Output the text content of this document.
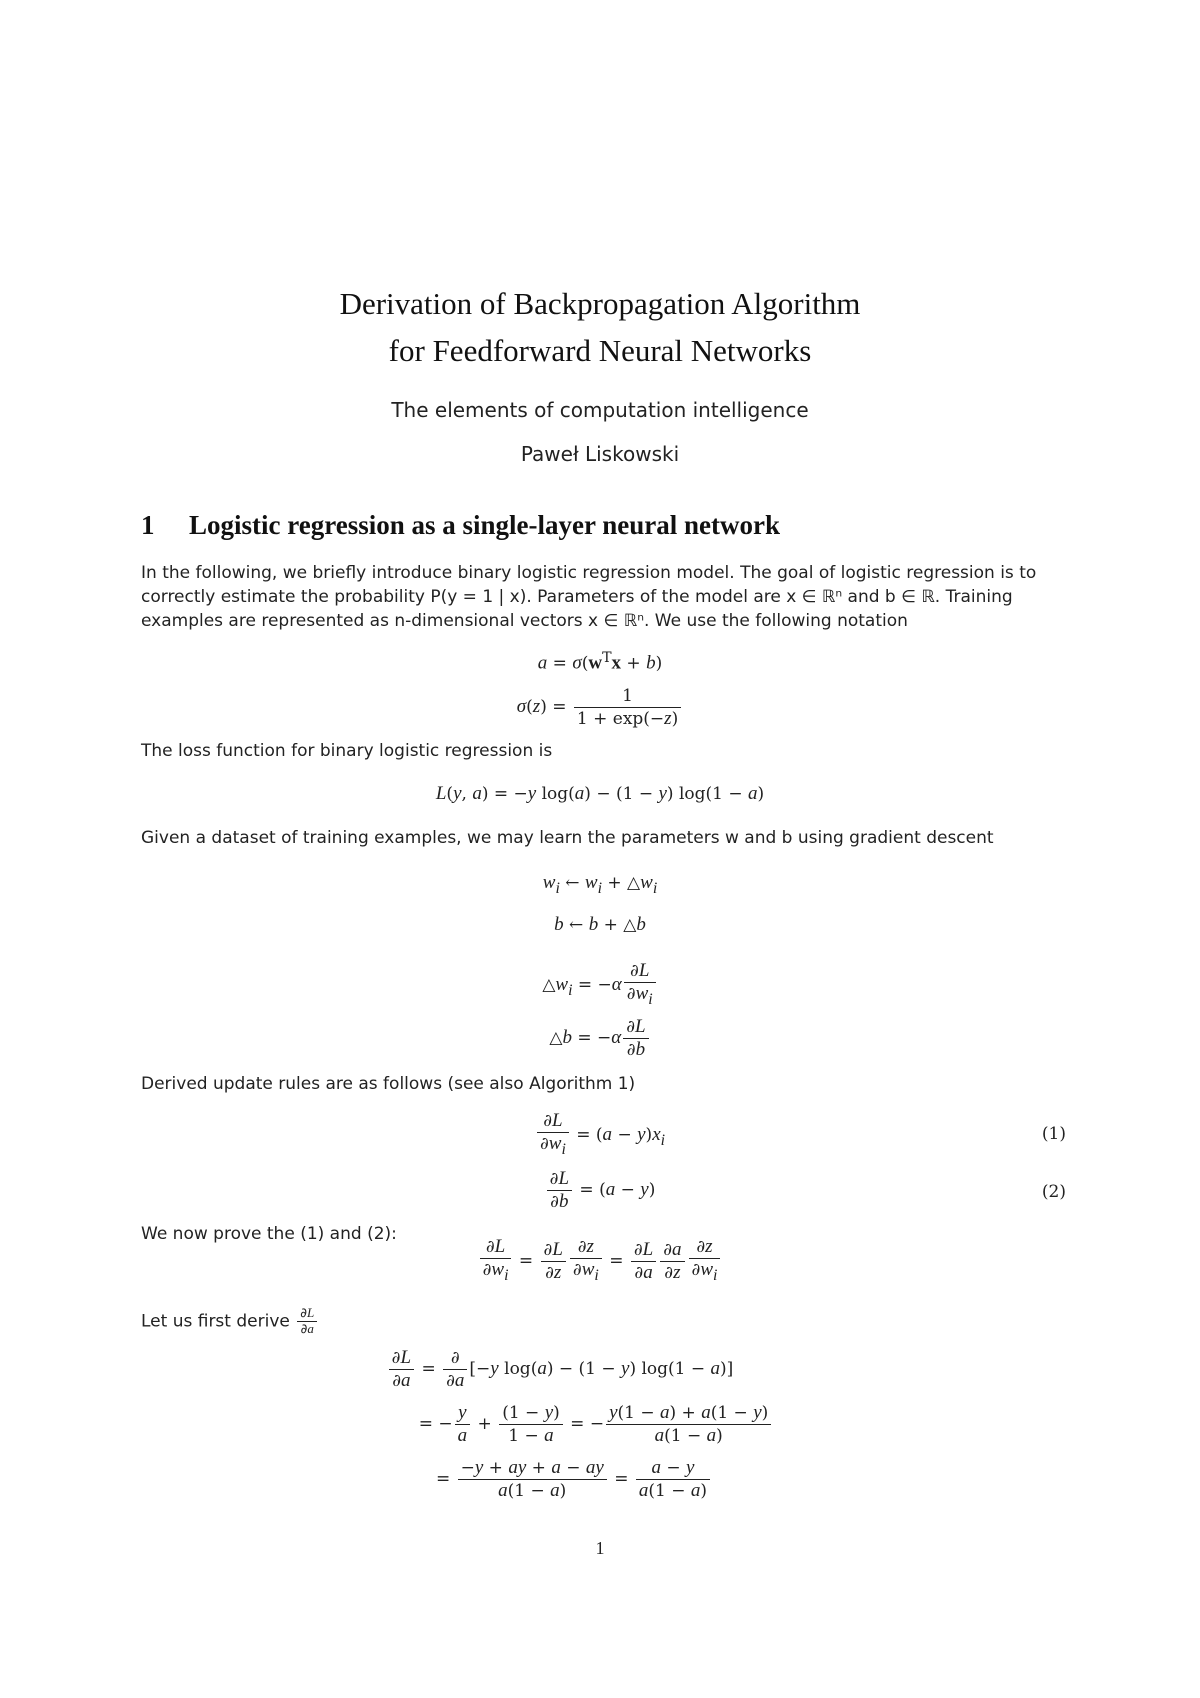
Derivation of Backpropagation Algorithm
for Feedforward Neural Networks
The elements of computation intelligence
Paweł Liskowski
1 Logistic regression as a single-layer neural network
In the following, we briefly introduce binary logistic regression model. The goal of logistic regression is to
correctly estimate the probability P(y = 1 | x). Parameters of the model are x ∈ ℝⁿ and b ∈ ℝ. Training
examples are represented as n-dimensional vectors x ∈ ℝⁿ. We use the following notation
$a = \sigma(w^Tx + b)$
$\sigma(z) = \frac{1}{1 + \exp(-z)}$
The loss function for binary logistic regression is
L(y, a) = −y log(a) − (1 − y) log(1 − a)
Given a dataset of training examples, we may learn the parameters w and b using gradient descent
$w_i$ ← $w_i$ + $\triangle w_i$
b ← b + △b
$\triangle w_i = -\alpha \frac{\partial L}{\partial w_i}$
△b = $-\alpha \frac{\partial L}{\partial b}$
Derived update rules are as follows (see also Algorithm 1)
$\frac{\partial L}{\partial w_i} = (a - y)x_i$	(1)
$\frac{\partial L}{\partial b} = (a - y)$	(2)
We now prove the (1) and (2):
$\frac{\partial L}{\partial w_i} = \frac{\partial L}{\partial z} \frac{\partial z}{\partial w_i} = \frac{\partial L}{\partial a} \frac{\partial a}{\partial z} \frac{\partial z}{\partial w_i}$
Let us first derive $\frac{\partial L}{\partial a}$
$\frac{\partial L}{\partial a} = \frac{\partial}{\partial a} [-y$ log(a) − (1 − y) log(1 − a)]
= − $\frac{y}{a} + \frac{(1 - y)}{1 - a}$ = − $\frac{y(1 - a) + a(1 - y)}{a(1 - a)}$
= $\frac{-y + ay + a - ay}{a(1 - a)} = \frac{a - y}{a(1 - a)}$
1
